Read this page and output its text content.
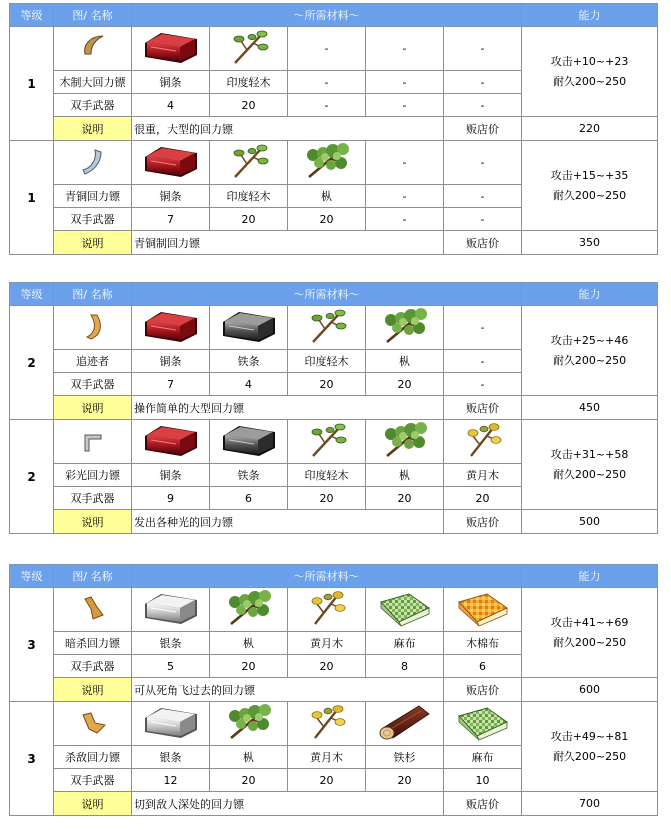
等级	图/ 名称	～所需材料～					能力
1				-	-	-	攻击+10~+23
耐久200~250

	木制大回力镖	铜条	印度轻木	-	-	-	
	双手武器	4	20	-	-	-	
	说明	很重，大型的回力镖				贩店价	220
1					-	-	攻击+15~+35
耐久200~250

	青铜回力镖	铜条	印度轻木	枞	-	-	
	双手武器	7	20	20	-	-	
	说明	青铜制回力镖				贩店价	350
等级	图/ 名称	～所需材料～					能力
2						-	攻击+25~+46
耐久200~250

	追迹者	铜条	铁条	印度轻木	枞	-	
	双手武器	7	4	20	20	-	
	说明	操作简单的大型回力镖				贩店价	450
2							攻击+31~+58
耐久200~250

	彩光回力镖	铜条	铁条	印度轻木	枞	黄月木	
	双手武器	9	6	20	20	20	
	说明	发出各种光的回力镖				贩店价	500
等级	图/ 名称	～所需材料～					能力
3							攻击+41~+69
耐久200~250

	暗杀回力镖	银条	枞	黄月木	麻布	木棉布	
	双手武器	5	20	20	8	6	
	说明	可从死角飞过去的回力镖				贩店价	600
3							攻击+49~+81
耐久200~250

	杀敌回力镖	银条	枞	黄月木	铁杉	麻布	
	双手武器	12	20	20	20	10	
	说明	切到敌人深处的回力镖				贩店价	700
